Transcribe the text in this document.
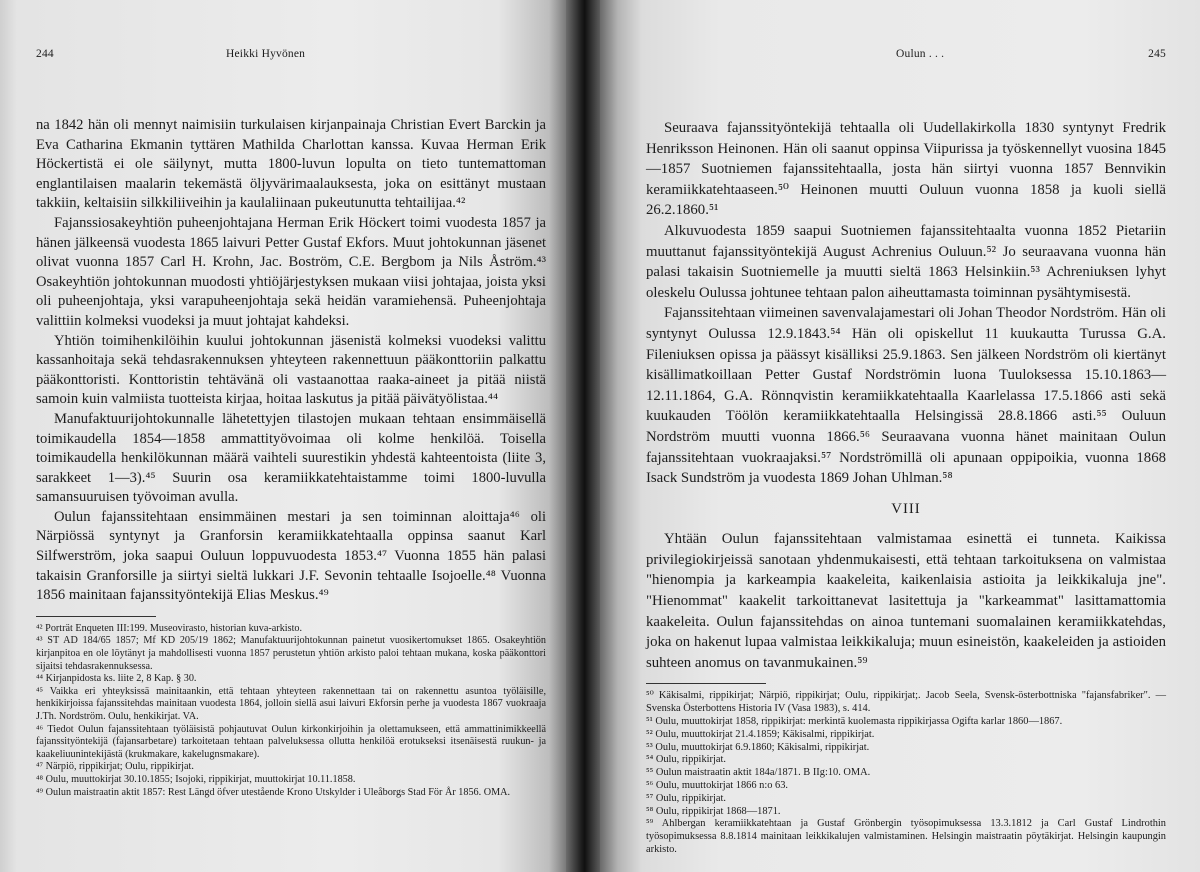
244	Heikki Hyvönen

na 1842 hän oli mennyt naimisiin turkulaisen kirjanpainaja Christian Evert Barckin ja Eva Catharina Ekmanin tyttären Mathilda Charlottan kanssa. Kuvaa Herman Erik Höckertistä ei ole säilynyt, mutta 1800-luvun lopulta on tieto tuntemattoman englantilaisen maalarin tekemästä öljyvärimaalauksesta, joka on esittänyt mustaan takkiin, keltaisiin silkkiliiveihin ja kaulaliinaan pukeutunutta tehtailijaa.⁴²

Fajanssiosakeyhtiön puheenjohtajana Herman Erik Höckert toimi vuodesta 1857 ja hänen jälkeensä vuodesta 1865 laivuri Petter Gustaf Ekfors. Muut johtokunnan jäsenet olivat vuonna 1857 Carl H. Krohn, Jac. Boström, C.E. Bergbom ja Nils Åström.⁴³ Osakeyhtiön johtokunnan muodosti yhtiöjärjestyksen mukaan viisi johtajaa, joista yksi oli puheenjohtaja, yksi varapuheenjohtaja sekä heidän varamiehensä. Puheenjohtaja valittiin kolmeksi vuodeksi ja muut johtajat kahdeksi.

Yhtiön toimihenkilöihin kuului johtokunnan jäsenistä kolmeksi vuodeksi valittu kassanhoitaja sekä tehdasrakennuksen yhteyteen rakennettuun pääkonttoriin palkattu pääkonttoristi. Konttoristin tehtävänä oli vastaanottaa raaka-aineet ja pitää niistä samoin kuin valmiista tuotteista kirjaa, hoitaa laskutus ja pitää päivätyölistaa.⁴⁴

Manufaktuurijohtokunnalle lähetettyjen tilastojen mukaan tehtaan ensimmäisellä toimikaudella 1854—1858 ammattityövoimaa oli kolme henkilöä. Toisella toimikaudella henkilökunnan määrä vaihteli suurestikin yhdestä kahteentoista (liite 3, sarakkeet 1—3).⁴⁵ Suurin osa keramiikkatehtaistamme toimi 1800-luvulla samansuuruisen työvoiman avulla.

Oulun fajanssitehtaan ensimmäinen mestari ja sen toiminnan aloittaja⁴⁶ oli Närpiössä syntynyt ja Granforsin keramiikkatehtaalla oppinsa saanut Karl Silfwerström, joka saapui Ouluun loppuvuodesta 1853.⁴⁷ Vuonna 1855 hän palasi takaisin Granforsille ja siirtyi sieltä lukkari J.F. Sevonin tehtaalle Isojoelle.⁴⁸ Vuonna 1856 mainitaan fajanssityöntekijä Elias Meskus.⁴⁹

⁴² Porträt Enqueten III:199. Museovirasto, historian kuva-arkisto.
⁴³ ST AD 184/65 1857; Mf KD 205/19 1862; Manufaktuurijohtokunnan painetut vuosikertomukset 1865. Osakeyhtiön kirjanpitoa en ole löytänyt ja mahdollisesti vuonna 1857 perustetun yhtiön arkisto paloi tehtaan mukana, koska pääkonttori sijaitsi tehdasrakennuksessa.
⁴⁴ Kirjanpidosta ks. liite 2, 8 Kap. § 30.
⁴⁵ Vaikka eri yhteyksissä mainitaankin, että tehtaan yhteyteen rakennettaan tai on rakennettu asuntoa työläisille, henkikirjoissa fajanssitehdas mainitaan vuodesta 1864, jolloin siellä asui laivuri Ekforsin perhe ja vuodesta 1867 vuokraaja J.Th. Nordström. Oulu, henkikirjat. VA.
⁴⁶ Tiedot Oulun fajanssitehtaan työläisistä pohjautuvat Oulun kirkonkirjoihin ja olettamukseen, että ammattinimikkeellä fajanssityöntekijä (fajansarbetare) tarkoitetaan tehtaan palveluksessa ollutta henkilöä erotukseksi itsenäisestä ruukun- ja kaakeliuunintekijästä (krukmakare, kakelugnsmakare).
⁴⁷ Närpiö, rippikirjat; Oulu, rippikirjat.
⁴⁸ Oulu, muuttokirjat 30.10.1855; Isojoki, rippikirjat, muuttokirjat 10.11.1858.
⁴⁹ Oulun maistraatin aktit 1857: Rest Längd öfver utestående Krono Utskylder i Uleåborgs Stad För År 1856. OMA.
Oulun . . .	245

Seuraava fajanssityöntekijä tehtaalla oli Uudellakirkolla 1830 syntynyt Fredrik Henriksson Heinonen. Hän oli saanut oppinsa Viipurissa ja työskennellyt vuosina 1845—1857 Suotniemen fajanssitehtaalla, josta hän siirtyi vuonna 1857 Bennvikin keramiikkatehtaaseen.⁵⁰ Heinonen muutti Ouluun vuonna 1858 ja kuoli siellä 26.2.1860.⁵¹

Alkuvuodesta 1859 saapui Suotniemen fajanssitehtaalta vuonna 1852 Pietariin muuttanut fajanssityöntekijä August Achrenius Ouluun.⁵² Jo seuraavana vuonna hän palasi takaisin Suotniemelle ja muutti sieltä 1863 Helsinkiin.⁵³ Achreniuksen lyhyt oleskelu Oulussa johtunee tehtaan palon aiheuttamasta toiminnan pysähtymisestä.

Fajanssitehtaan viimeinen savenvalajamestari oli Johan Theodor Nordström. Hän oli syntynyt Oulussa 12.9.1843.⁵⁴ Hän oli opiskellut 11 kuukautta Turussa G.A. Fileniuksen opissa ja päässyt kisälliksi 25.9.1863. Sen jälkeen Nordström oli kiertänyt kisällimatkoillaan Petter Gustaf Nordströmin luona Tuuloksessa 15.10.1863—12.11.1864, G.A. Rönnqvistin keramiikkatehtaalla Kaarlelassa 17.5.1866 asti sekä kuukauden Töölön keramiikkatehtaalla Helsingissä 28.8.1866 asti.⁵⁵ Ouluun Nordström muutti vuonna 1866.⁵⁶ Seuraavana vuonna hänet mainitaan Oulun fajanssitehtaan vuokraajaksi.⁵⁷ Nordströmillä oli apunaan oppipoikia, vuonna 1868 Isack Sundström ja vuodesta 1869 Johan Uhlman.⁵⁸

VIII

Yhtään Oulun fajanssitehtaan valmistamaa esinettä ei tunneta. Kaikissa privilegiokirjeissä sanotaan yhdenmukaisesti, että tehtaan tarkoituksena on valmistaa "hienompia ja karkeampia kaakeleita, kaikenlaisia astioita ja leikkikaluja jne". "Hienommat" kaakelit tarkoittanevat lasitettuja ja "karkeammat" lasittamattomia kaakeleita. Oulun fajanssitehdas on ainoa tuntemani suomalainen keramiikkatehdas, joka on hakenut lupaa valmistaa leikkikaluja; muun esineistön, kaakeleiden ja astioiden suhteen anomus on tavanmukainen.⁵⁹

⁵⁰ Käkisalmi, rippikirjat; Närpiö, rippikirjat; Oulu, rippikirjat;. Jacob Seela, Svensk-österbottniska "fajansfabriker". — Svenska Österbottens Historia IV (Vasa 1983), s. 414.
⁵¹ Oulu, muuttokirjat 1858, rippikirjat: merkintä kuolemasta rippikirjassa Ogifta karlar 1860—1867.
⁵² Oulu, muuttokirjat 21.4.1859; Käkisalmi, rippikirjat.
⁵³ Oulu, muuttokirjat 6.9.1860; Käkisalmi, rippikirjat.
⁵⁴ Oulu, rippikirjat.
⁵⁵ Oulun maistraatin aktit 184a/1871. B IIg:10. OMA.
⁵⁶ Oulu, muuttokirjat 1866 n:o 63.
⁵⁷ Oulu, rippikirjat.
⁵⁸ Oulu, rippikirjat 1868—1871.
⁵⁹ Ahlbergan keramiikkatehtaan ja Gustaf Grönbergin työsopimuksessa 13.3.1812 ja Carl Gustaf Lindrothin työsopimuksessa 8.8.1814 mainitaan leikkikalujen valmistaminen. Helsingin maistraatin pöytäkirjat. Helsingin kaupungin arkisto.
